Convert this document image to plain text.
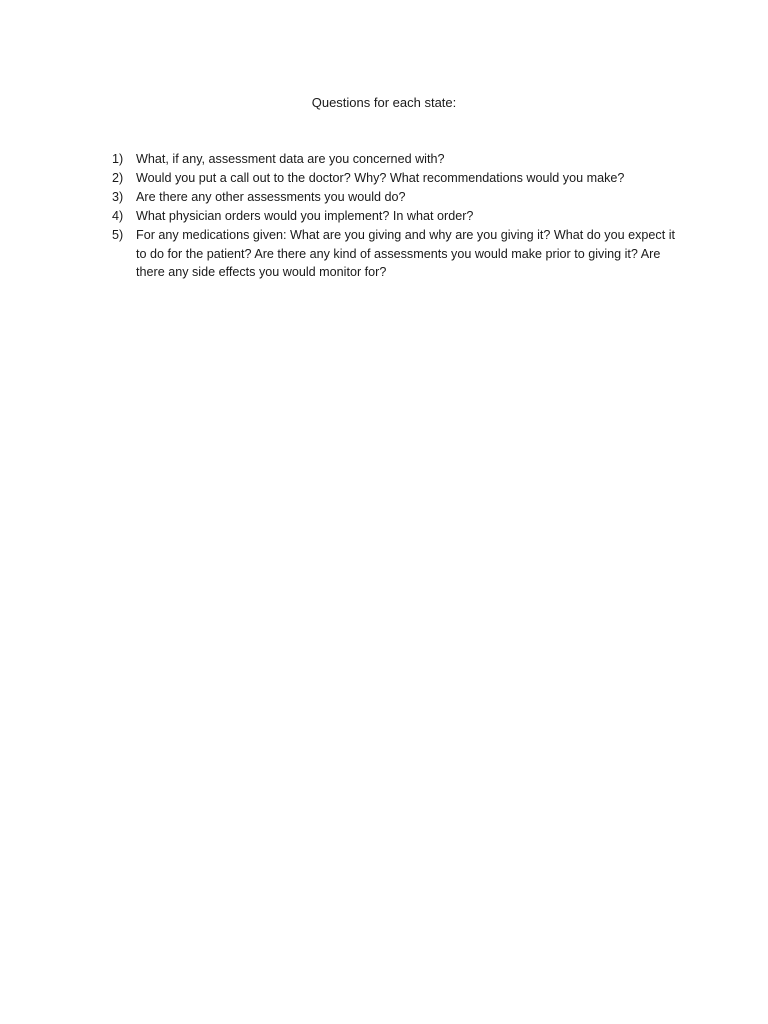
Questions for each state:
1)	What, if any, assessment data are you concerned with?
2)	Would you put a call out to the doctor? Why? What recommendations would you make?
3)	Are there any other assessments you would do?
4)	What physician orders would you implement? In what order?
5)	For any medications given: What are you giving and why are you giving it? What do you expect it to do for the patient? Are there any kind of assessments you would make prior to giving it? Are there any side effects you would monitor for?
